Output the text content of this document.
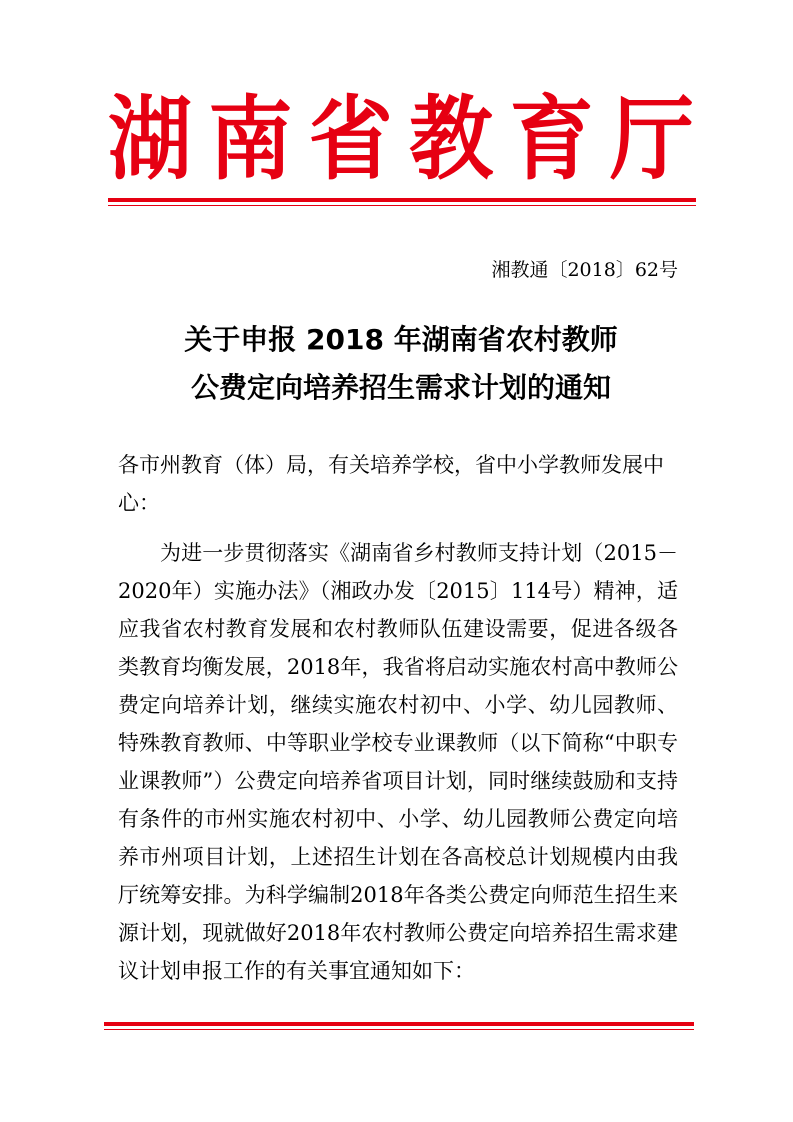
湖 南 省 教 育 厅
湘教通〔2018〕62号
关于申报 2018 年湖南省农村教师
公费定向培养招生需求计划的通知
各市州教育（体）局，有关培养学校，省中小学教师发展中心：
为进一步贯彻落实《湖南省乡村教师支持计划（2015－2020年）实施办法》（湘政办发〔2015〕114号）精神，适应我省农村教育发展和农村教师队伍建设需要，促进各级各类教育均衡发展，2018年，我省将启动实施农村高中教师公费定向培养计划，继续实施农村初中、小学、幼儿园教师、特殊教育教师、中等职业学校专业课教师（以下简称“中职专业课教师”）公费定向培养省项目计划，同时继续鼓励和支持有条件的市州实施农村初中、小学、幼儿园教师公费定向培养市州项目计划，上述招生计划在各高校总计划规模内由我厅统筹安排。为科学编制2018年各类公费定向师范生招生来源计划，现就做好2018年农村教师公费定向培养招生需求建议计划申报工作的有关事宜通知如下：
